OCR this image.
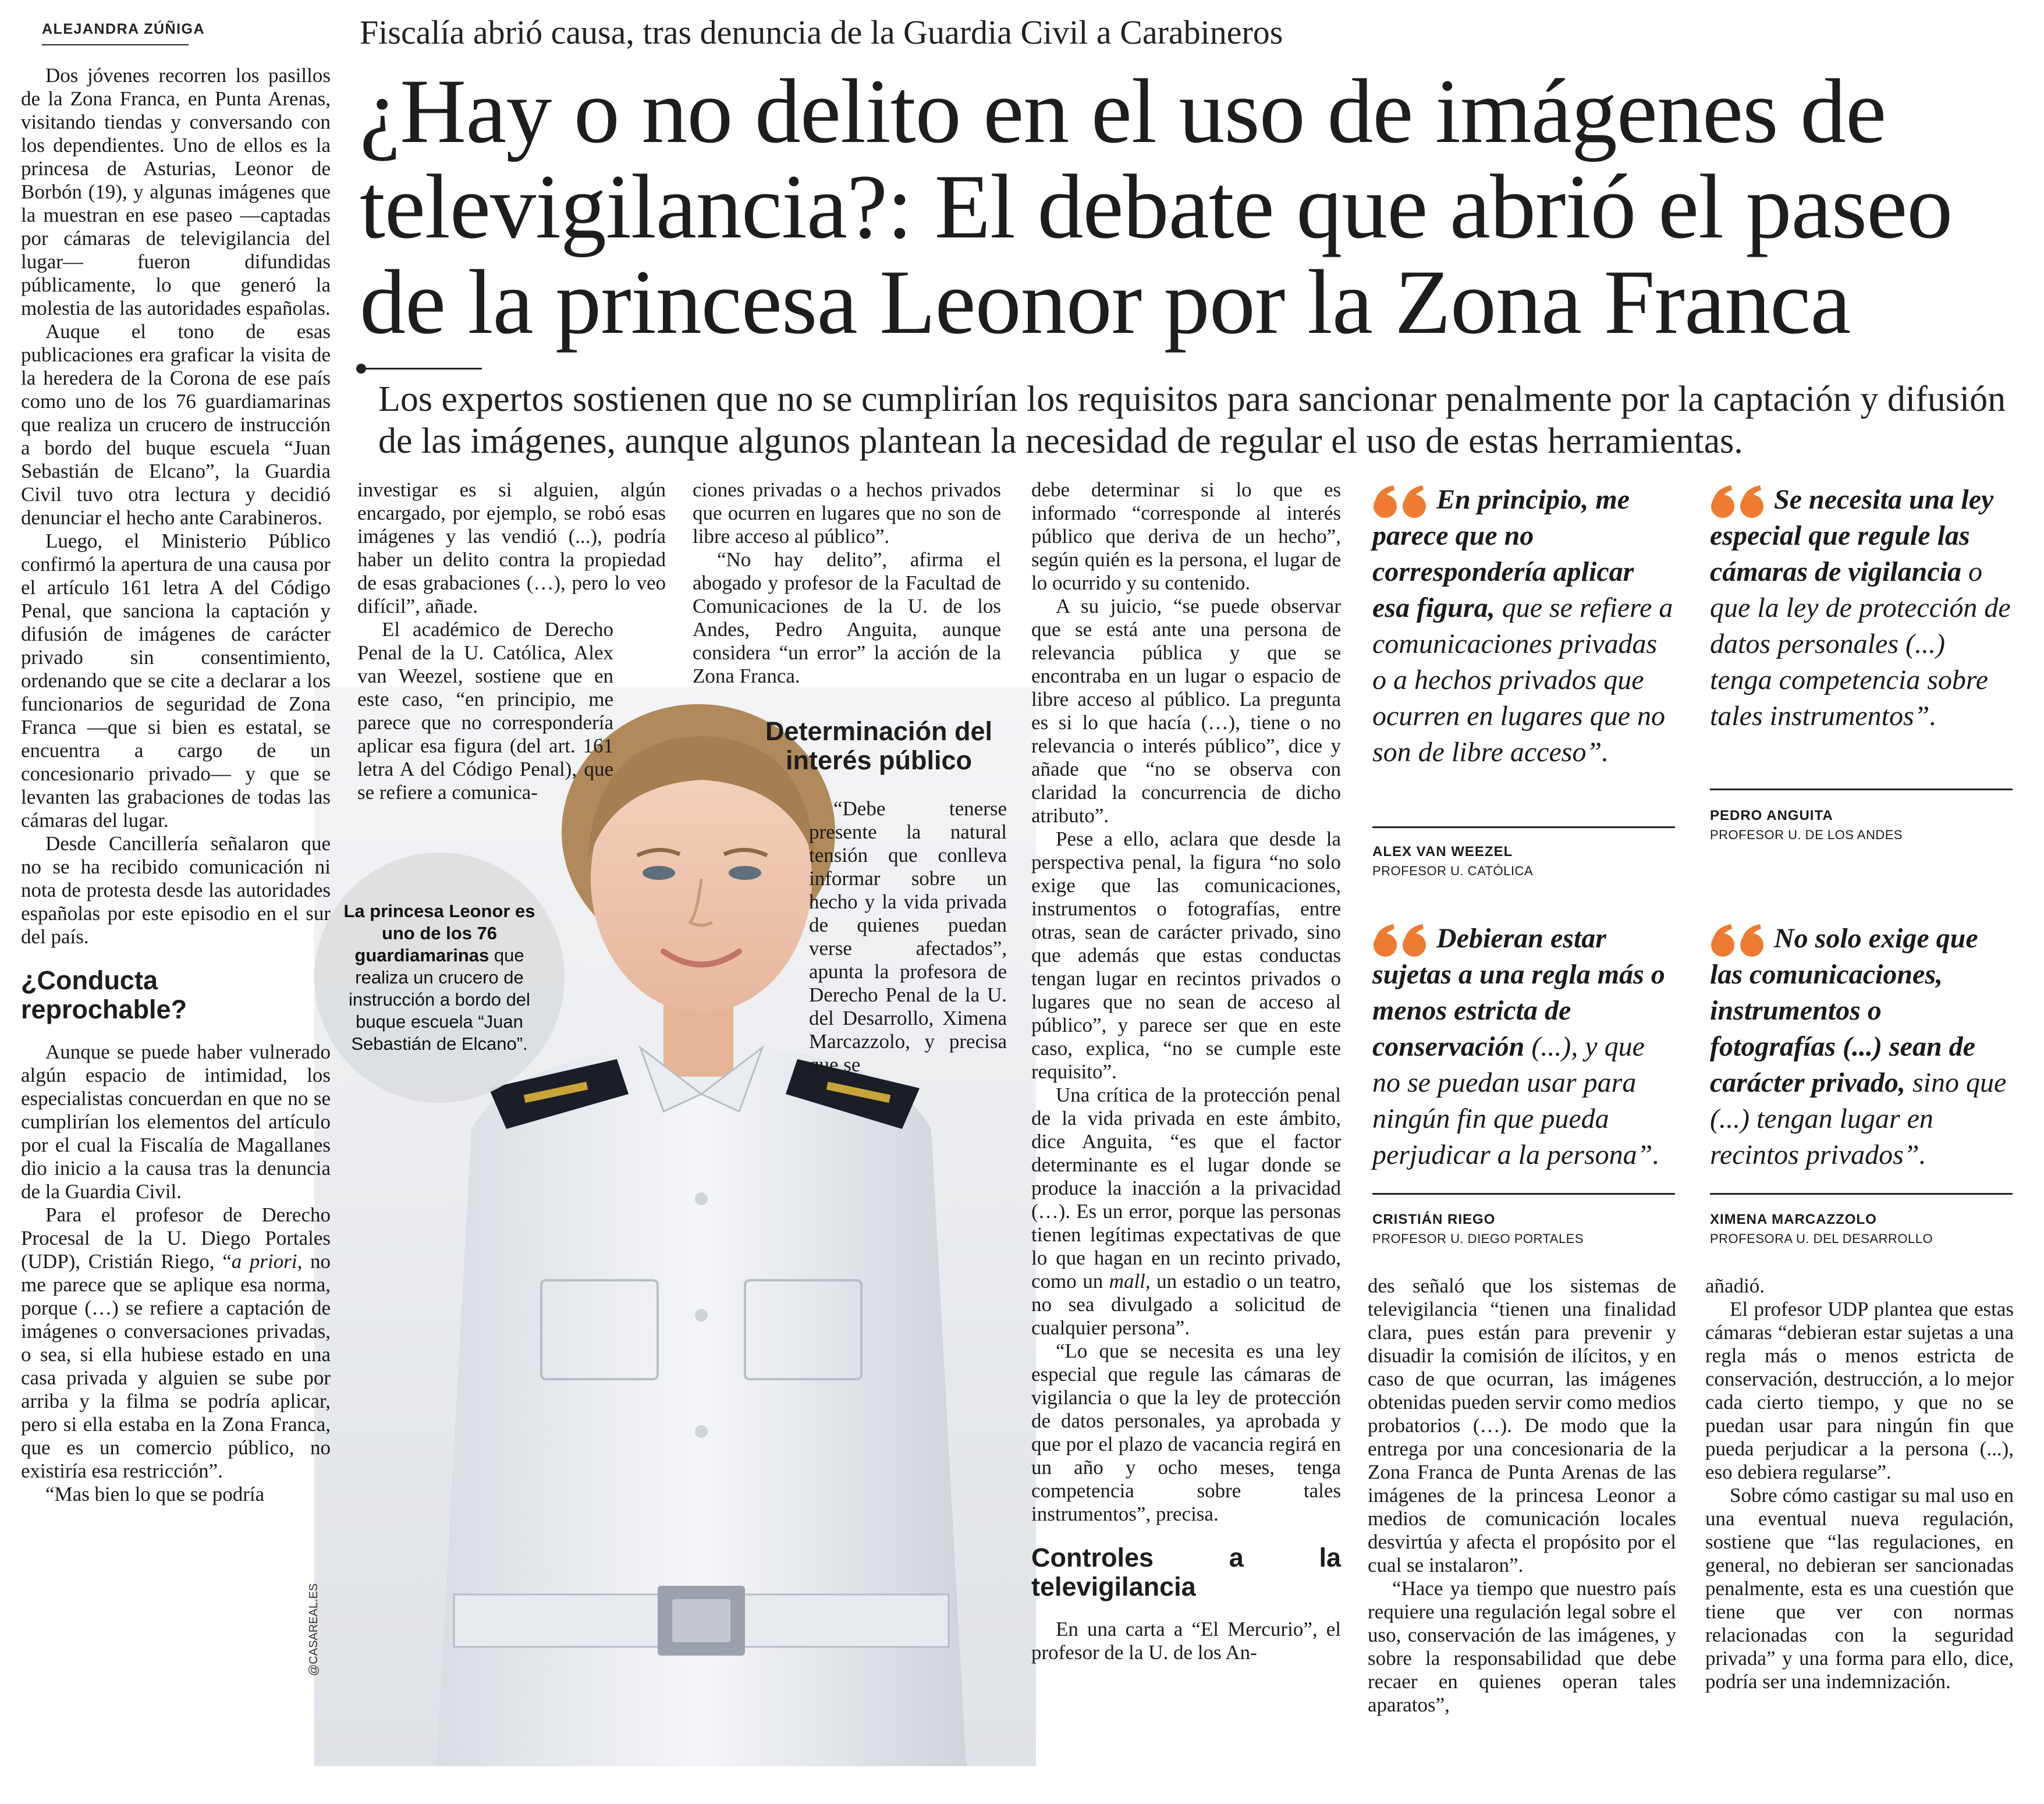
ALEJANDRA ZÚÑIGA	Fiscalía abrió causa, tras denuncia de la Guardia Civil a Carabineros
¿Hay o no delito en el uso de imágenes de televigilancia?: El debate que abrió el paseo de la princesa Leonor por la Zona Franca
Los expertos sostienen que no se cumplirían los requisitos para sancionar penalmente por la captación y difusión de las imágenes, aunque algunos plantean la necesidad de regular el uso de estas herramientas.
La princesa Leonor es uno de los 76 guardiamarinas que realiza un crucero de instrucción a bordo del buque escuela “Juan Sebastián de Elcano”.
@CASAREAL.ES

Dos jóvenes recorren los pasillos de la Zona Franca, en Punta Arenas, visitando tiendas y conversando con los dependientes. Uno de ellos es la princesa de Asturias, Leonor de Borbón (19), y algunas imágenes que la muestran en ese paseo —captadas por cámaras de televigilancia del lugar— fueron difundidas públicamente, lo que generó la molestia de las autoridades españolas.

Auque el tono de esas publicaciones era graficar la visita de la heredera de la Corona de ese país como uno de los 76 guardiamarinas que realiza un crucero de instrucción a bordo del buque escuela “Juan Sebastián de Elcano”, la Guardia Civil tuvo otra lectura y decidió denunciar el hecho ante Carabineros.

Luego, el Ministerio Público confirmó la apertura de una causa por el artículo 161 letra A del Código Penal, que sanciona la captación y difusión de imágenes de carácter privado sin consentimiento, ordenando que se cite a declarar a los funcionarios de seguridad de Zona Franca —que si bien es estatal, se encuentra a cargo de un concesionario privado— y que se levanten las grabaciones de todas las cámaras del lugar.

Desde Cancillería señalaron que no se ha recibido comunicación ni nota de protesta desde las autoridades españolas por este episodio en el sur del país.

¿Conducta reprochable?

Aunque se puede haber vulnerado algún espacio de intimidad, los especialistas concuerdan en que no se cumplirían los elementos del artículo por el cual la Fiscalía de Magallanes dio inicio a la causa tras la denuncia de la Guardia Civil.

Para el profesor de Derecho Procesal de la U. Diego Portales (UDP), Cristián Riego, “a priori, no me parece que se aplique esa norma, porque (…) se refiere a captación de imágenes o conversaciones privadas, o sea, si ella hubiese estado en una casa privada y alguien se sube por arriba y la filma se podría aplicar, pero si ella estaba en la Zona Franca, que es un comercio público, no existiría esa restricción”.

“Mas bien lo que se podría

investigar es si alguien, algún encargado, por ejemplo, se robó esas imágenes y las vendió (...), podría haber un delito contra la propiedad de esas grabaciones (…), pero lo veo difícil”, añade.

El académico de Derecho Penal de la U. Católica, Alex van Weezel, sostiene que en este caso, “en principio, me parece que no correspondería aplicar esa figura (del art. 161 letra A del Código Penal), que se refiere a comunica-

ciones privadas o a hechos privados que ocurren en lugares que no son de libre acceso al público”.

“No hay delito”, afirma el abogado y profesor de la Facultad de Comunicaciones de la U. de los Andes, Pedro Anguita, aunque considera “un error” la acción de la Zona Franca.

Determinación del interés público

“Debe tenerse presente la natural tensión que conlleva informar sobre un hecho y la vida privada de quienes puedan verse afectados”, apunta la profesora de Derecho Penal de la U. del Desarrollo, Ximena Marcazzolo, y precisa que se

debe determinar si lo que es informado “corresponde al interés público que deriva de un hecho”, según quién es la persona, el lugar de lo ocurrido y su contenido.

A su juicio, “se puede observar que se está ante una persona de relevancia pública y que se encontraba en un lugar o espacio de libre acceso al público. La pregunta es si lo que hacía (…), tiene o no relevancia o interés público”, dice y añade que “no se observa con claridad la concurrencia de dicho atributo”.

Pese a ello, aclara que desde la perspectiva penal, la figura “no solo exige que las comunicaciones, instrumentos o fotografías, entre otras, sean de carácter privado, sino que además que estas conductas tengan lugar en recintos privados o lugares que no sean de acceso al público”, y parece ser que en este caso, explica, “no se cumple este requisito”.

Una crítica de la protección penal de la vida privada en este ámbito, dice Anguita, “es que el factor determinante es el lugar donde se produce la inacción a la privacidad (…). Es un error, porque las personas tienen legítimas expectativas de que lo que hagan en un recinto privado, como un mall, un estadio o un teatro, no sea divulgado a solicitud de cualquier persona”.

“Lo que se necesita es una ley especial que regule las cámaras de vigilancia o que la ley de protección de datos personales, ya aprobada y que por el plazo de vacancia regirá en un año y ocho meses, tenga competencia sobre tales instrumentos”, precisa.

Controles a la televigilancia

En una carta a “El Mercurio”, el profesor de la U. de los An-

des señaló que los sistemas de televigilancia “tienen una finalidad clara, pues están para prevenir y disuadir la comisión de ilícitos, y en caso de que ocurran, las imágenes obtenidas pueden servir como medios probatorios (…). De modo que la entrega por una concesionaria de la Zona Franca de Punta Arenas de las imágenes de la princesa Leonor a medios de comunicación locales desvirtúa y afecta el propósito por el cual se instalaron”.

“Hace ya tiempo que nuestro país requiere una regulación legal sobre el uso, conservación de las imágenes, y sobre la responsabilidad que debe recaer en quienes operan tales aparatos”,

añadió.

El profesor UDP plantea que estas cámaras “debieran estar sujetas a una regla más o menos estricta de conservación, destrucción, a lo mejor cada cierto tiempo, y que no se puedan usar para ningún fin que pueda perjudicar a la persona (...), eso debiera regularse”.

Sobre cómo castigar su mal uso en una eventual nueva regulación, sostiene que “las regulaciones, en general, no debieran ser sancionadas penalmente, esta es una cuestión que tiene que ver con normas relacionadas con la seguridad privada” y una forma para ello, dice, podría ser una indemnización.

En principio, me parece que no correspondería aplicar esa figura, que se refiere a comunicaciones privadas o a hechos privados que ocurren en lugares que no son de libre acceso”.
ALEX VAN WEEZEL
PROFESOR U. CATÓLICA
Se necesita una ley especial que regule las cámaras de vigilancia o que la ley de protección de datos personales (...) tenga competencia sobre tales instrumentos”.
PEDRO ANGUITA
PROFESOR U. DE LOS ANDES
Debieran estar sujetas a una regla más o menos estricta de conservación (...), y que no se puedan usar para ningún fin que pueda perjudicar a la persona”.
CRISTIÁN RIEGO
PROFESOR U. DIEGO PORTALES
No solo exige que las comunicaciones, instrumentos o fotografías (...) sean de carácter privado, sino que (...) tengan lugar en recintos privados”.
XIMENA MARCAZZOLO
PROFESORA U. DEL DESARROLLO
